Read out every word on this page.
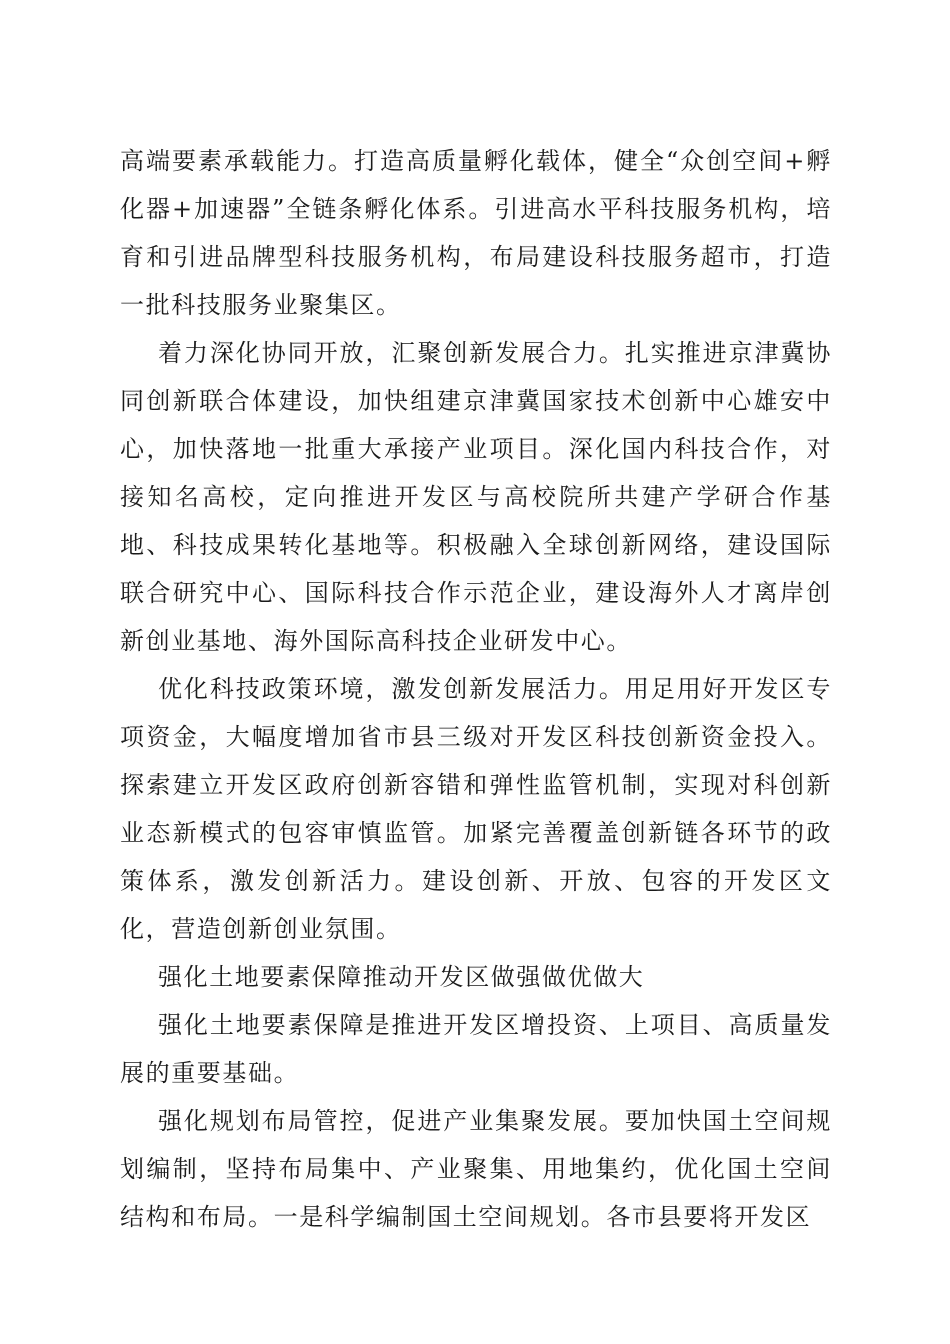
高端要素承载能力。打造高质量孵化载体，健全“众创空间+孵化器+加速器”全链条孵化体系。引进高水平科技服务机构，培育和引进品牌型科技服务机构，布局建设科技服务超市，打造一批科技服务业聚集区。

着力深化协同开放，汇聚创新发展合力。扎实推进京津冀协同创新联合体建设，加快组建京津冀国家技术创新中心雄安中心，加快落地一批重大承接产业项目。深化国内科技合作，对接知名高校，定向推进开发区与高校院所共建产学研合作基地、科技成果转化基地等。积极融入全球创新网络，建设国际联合研究中心、国际科技合作示范企业，建设海外人才离岸创新创业基地、海外国际高科技企业研发中心。

优化科技政策环境，激发创新发展活力。用足用好开发区专项资金，大幅度增加省市县三级对开发区科技创新资金投入。探索建立开发区政府创新容错和弹性监管机制，实现对科创新业态新模式的包容审慎监管。加紧完善覆盖创新链各环节的政策体系，激发创新活力。建设创新、开放、包容的开发区文化，营造创新创业氛围。

强化土地要素保障推动开发区做强做优做大

强化土地要素保障是推进开发区增投资、上项目、高质量发展的重要基础。

强化规划布局管控，促进产业集聚发展。要加快国土空间规划编制，坚持布局集中、产业聚集、用地集约，优化国土空间结构和布局。一是科学编制国土空间规划。各市县要将开发区
